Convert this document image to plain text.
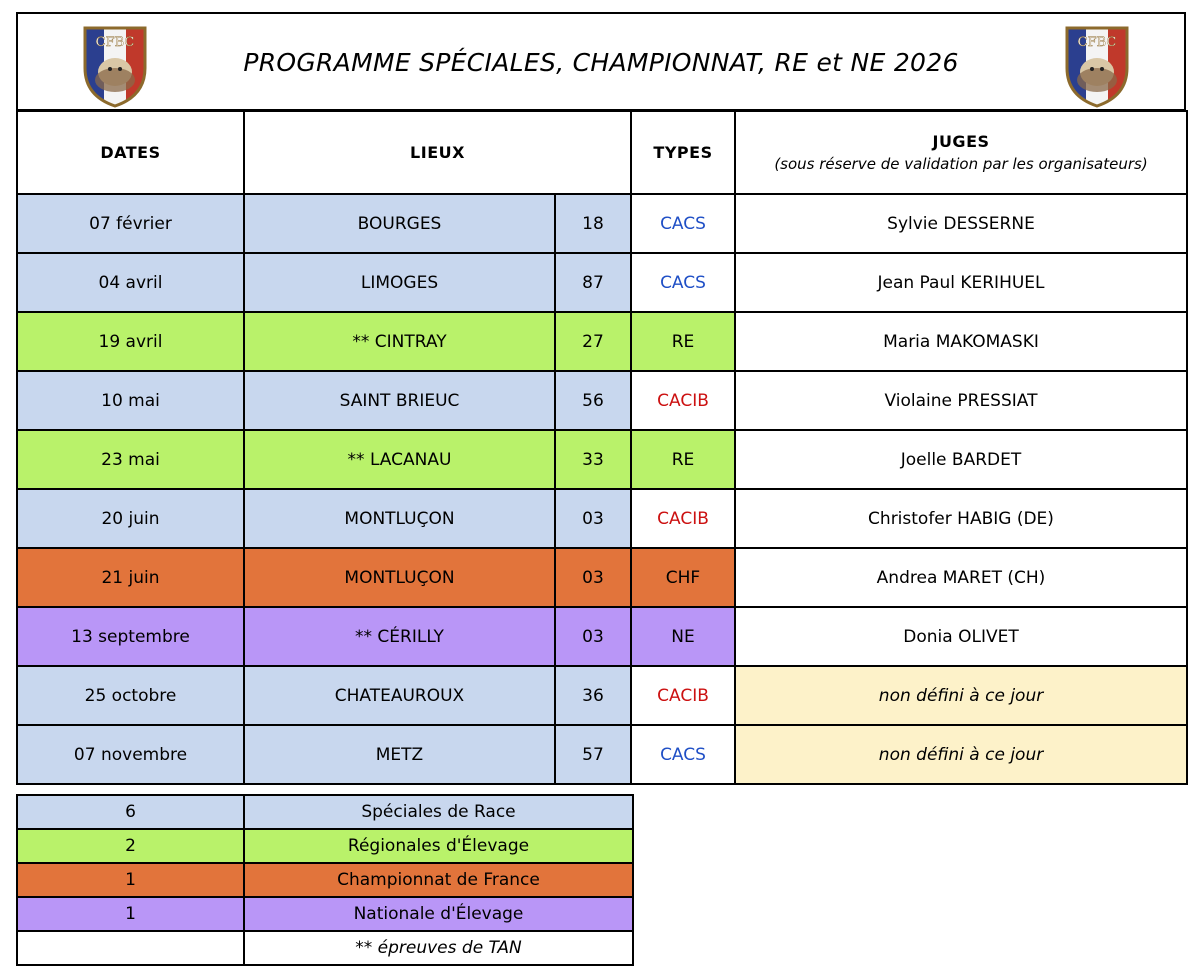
CFBC
PROGRAMME SPÉCIALES, CHAMPIONNAT, RE et NE 2026
CFBC
DATES	LIEUX		TYPES	JUGES
(sous réserve de validation par les organisateurs)

07 février	BOURGES	18	CACS	Sylvie DESSERNE
04 avril	LIMOGES	87	CACS	Jean Paul KERIHUEL
19 avril	** CINTRAY	27	RE	Maria MAKOMASKI
10 mai	SAINT BRIEUC	56	CACIB	Violaine PRESSIAT
23 mai	** LACANAU	33	RE	Joelle BARDET
20 juin	MONTLUÇON	03	CACIB	Christofer HABIG (DE)
21 juin	MONTLUÇON	03	CHF	Andrea MARET (CH)
13 septembre	** CÉRILLY	03	NE	Donia OLIVET
25 octobre	CHATEAUROUX	36	CACIB	non défini à ce jour
07 novembre	METZ	57	CACS	non défini à ce jour
6	Spéciales de Race
2	Régionales d'Élevage
1	Championnat de France
1	Nationale d'Élevage
	** épreuves de TAN
